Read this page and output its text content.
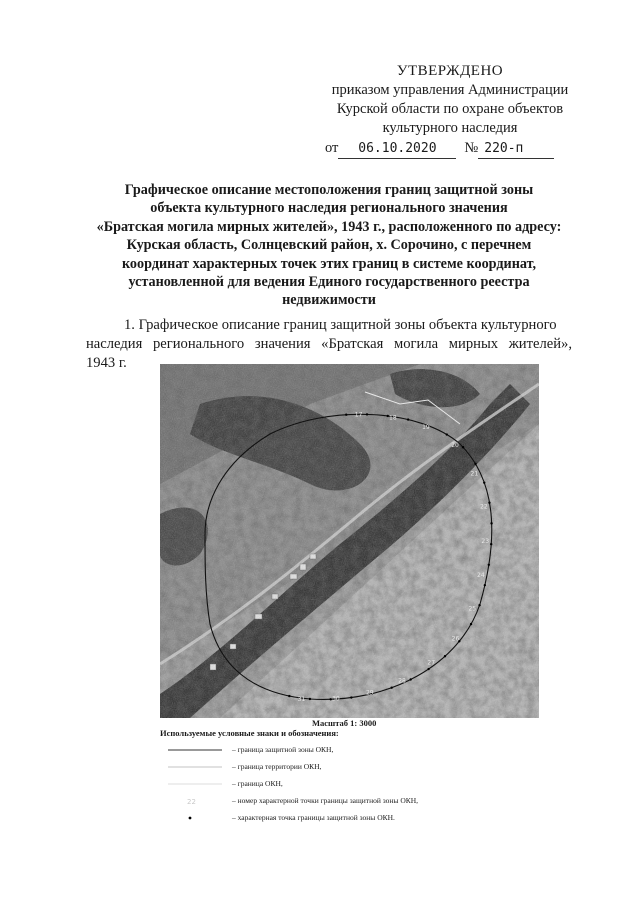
УТВЕРЖДЕНО
приказом управления Администрации
Курской области по охране объектов
культурного наследия
от	06.10.2020	№ 220-п
Графическое описание местоположения границ защитной зоны
объекта культурного наследия регионального значения
«Братская могила мирных жителей», 1943 г., расположенного по адресу:
Курская область, Солнцевский район, х. Сорочино, с перечнем
координат характерных точек этих границ в системе координат,
установленной для ведения Единого государственного реестра
недвижимости
1. Графическое описание границ защитной зоны объекта культурного
наследия регионального значения «Братская могила мирных жителей»,
1943 г.
17	18
19
20
21
22
23
24
25
26
27
28
29
30
31
Масштаб 1: 3000
Используемые условные знаки и обозначения:
– граница защитной зоны ОКН,
– граница территории ОКН,
– граница ОКН,
22	– номер характерной точки границы защитной зоны ОКН,
– характерная точка границы защитной зоны ОКН.
